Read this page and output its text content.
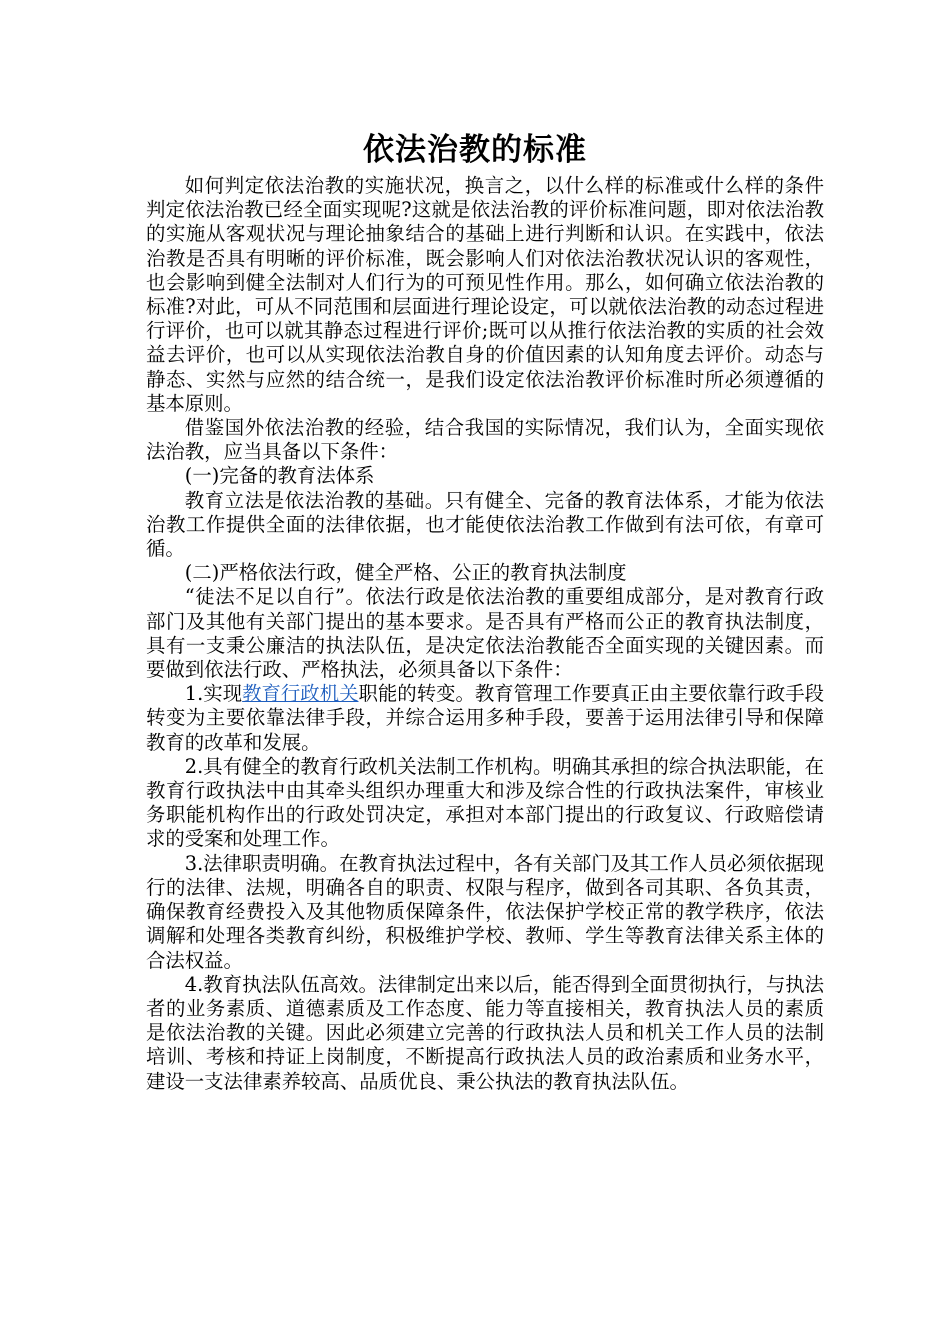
依法治教的标准

如何判定依法治教的实施状况，换言之，以什么样的标准或什么样的条件判定依法治教已经全面实现呢?这就是依法治教的评价标准问题，即对依法治教的实施从客观状况与理论抽象结合的基础上进行判断和认识。在实践中，依法治教是否具有明晰的评价标准，既会影响人们对依法治教状况认识的客观性，也会影响到健全法制对人们行为的可预见性作用。那么，如何确立依法治教的标准?对此，可从不同范围和层面进行理论设定，可以就依法治教的动态过程进行评价，也可以就其静态过程进行评价;既可以从推行依法治教的实质的社会效益去评价，也可以从实现依法治教自身的价值因素的认知角度去评价。动态与静态、实然与应然的结合统一，是我们设定依法治教评价标准时所必须遵循的基本原则。

借鉴国外依法治教的经验，结合我国的实际情况，我们认为，全面实现依法治教，应当具备以下条件：

(一)完备的教育法体系

教育立法是依法治教的基础。只有健全、完备的教育法体系，才能为依法治教工作提供全面的法律依据，也才能使依法治教工作做到有法可依，有章可循。

(二)严格依法行政，健全严格、公正的教育执法制度

“徒法不足以自行”。依法行政是依法治教的重要组成部分，是对教育行政部门及其他有关部门提出的基本要求。是否具有严格而公正的教育执法制度，具有一支秉公廉洁的执法队伍，是决定依法治教能否全面实现的关键因素。而要做到依法行政、严格执法，必须具备以下条件：

1.实现教育行政机关职能的转变。教育管理工作要真正由主要依靠行政手段转变为主要依靠法律手段，并综合运用多种手段，要善于运用法律引导和保障教育的改革和发展。

2.具有健全的教育行政机关法制工作机构。明确其承担的综合执法职能，在教育行政执法中由其牵头组织办理重大和涉及综合性的行政执法案件，审核业务职能机构作出的行政处罚决定，承担对本部门提出的行政复议、行政赔偿请求的受案和处理工作。

3.法律职责明确。在教育执法过程中，各有关部门及其工作人员必须依据现行的法律、法规，明确各自的职责、权限与程序，做到各司其职、各负其责，确保教育经费投入及其他物质保障条件，依法保护学校正常的教学秩序，依法调解和处理各类教育纠纷，积极维护学校、教师、学生等教育法律关系主体的合法权益。

4.教育执法队伍高效。法律制定出来以后，能否得到全面贯彻执行，与执法者的业务素质、道德素质及工作态度、能力等直接相关，教育执法人员的素质是依法治教的关键。因此必须建立完善的行政执法人员和机关工作人员的法制培训、考核和持证上岗制度，不断提高行政执法人员的政治素质和业务水平，建设一支法律素养较高、品质优良、秉公执法的教育执法队伍。
